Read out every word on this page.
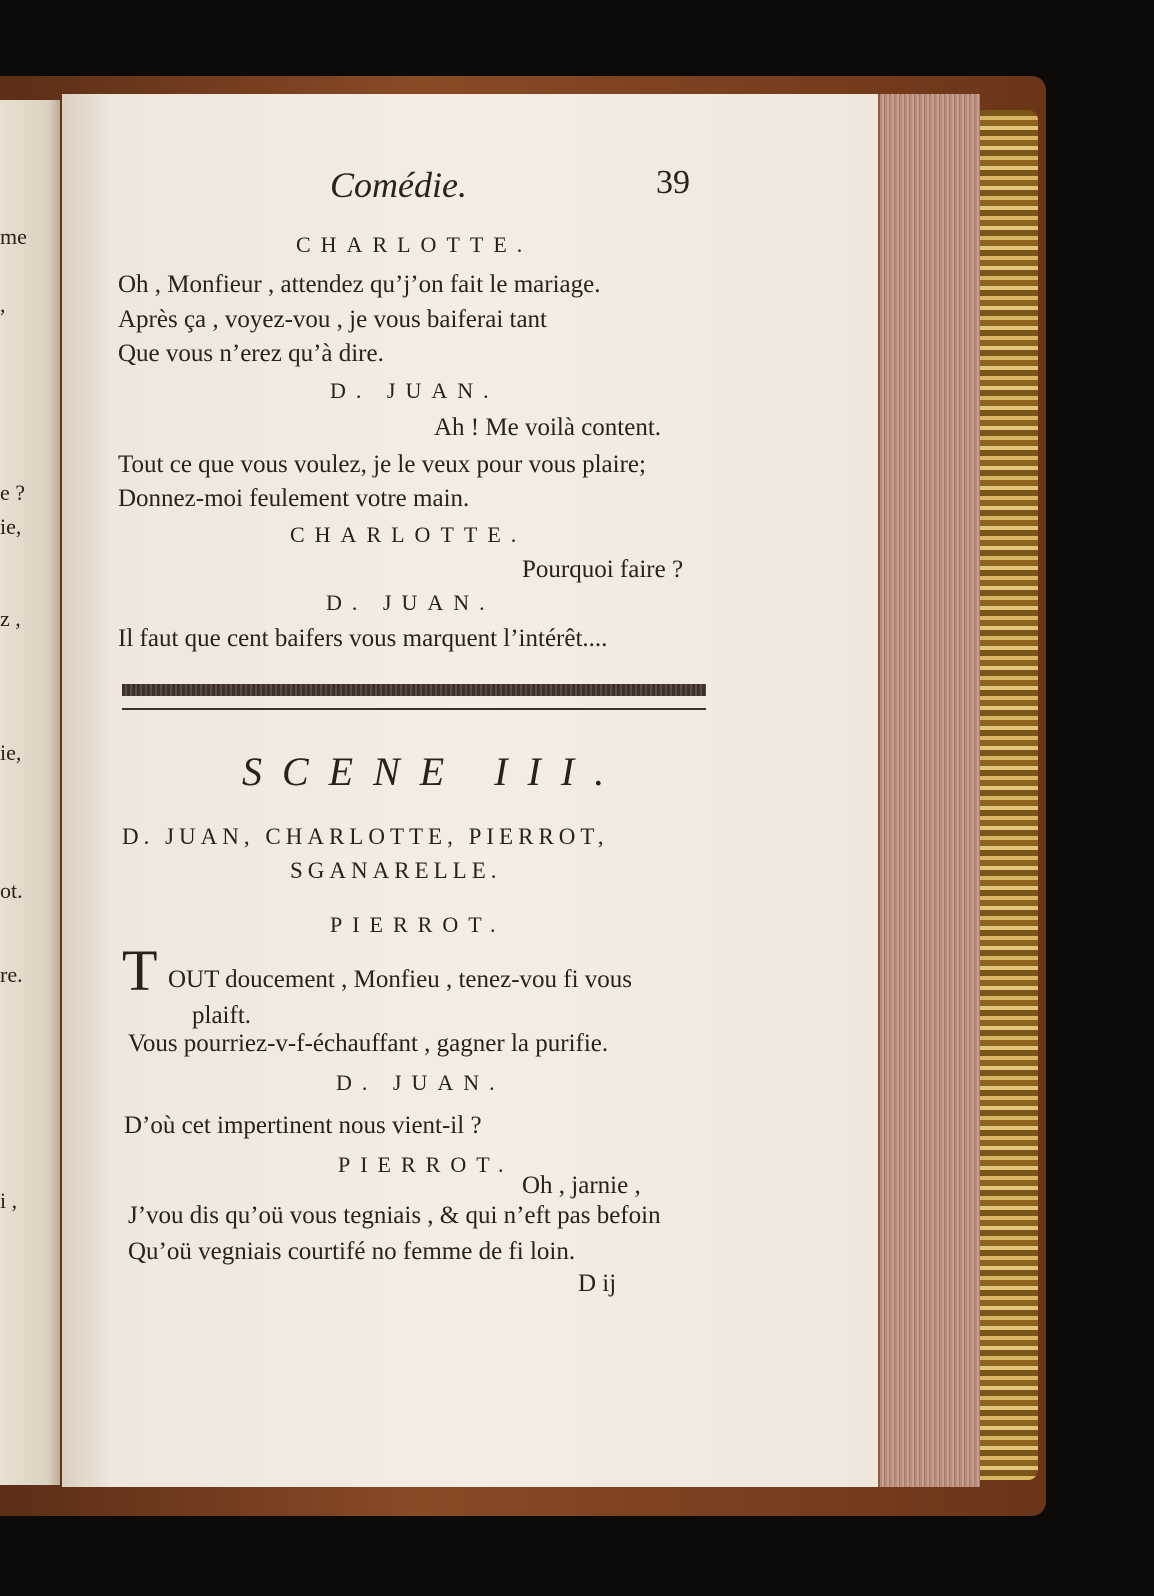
me
,
e ?
ie,
z ,
ie,
ot.
re.
i ,
Comédie.	39
CHARLOTTE.
Oh , Monfieur , attendez qu’j’on fait le mariage.
Après ça , voyez-vou , je vous baiferai tant
Que vous n’erez qu’à dire.
D. JUAN.
Ah ! Me voilà content.
Tout ce que vous voulez, je le veux pour vous plaire;
Donnez-moi feulement votre main.
CHARLOTTE.
Pourquoi faire ?
D. JUAN.
Il faut que cent baifers vous marquent l’intérêt....
SCENE III.
D. JUAN, CHARLOTTE, PIERROT,
SGANARELLE.
PIERROT.
T OUT doucement , Monfieu , tenez-vou fi vous
plaift.
Vous pourriez-v-f-échauffant , gagner la purifie.
D. JUAN.
D’où cet impertinent nous vient-il ?
PIERROT.
Oh , jarnie ,
J’vou dis qu’oü vous tegniais , & qui n’eft pas befoin
Qu’oü vegniais courtifé no femme de fi loin.
D ij
